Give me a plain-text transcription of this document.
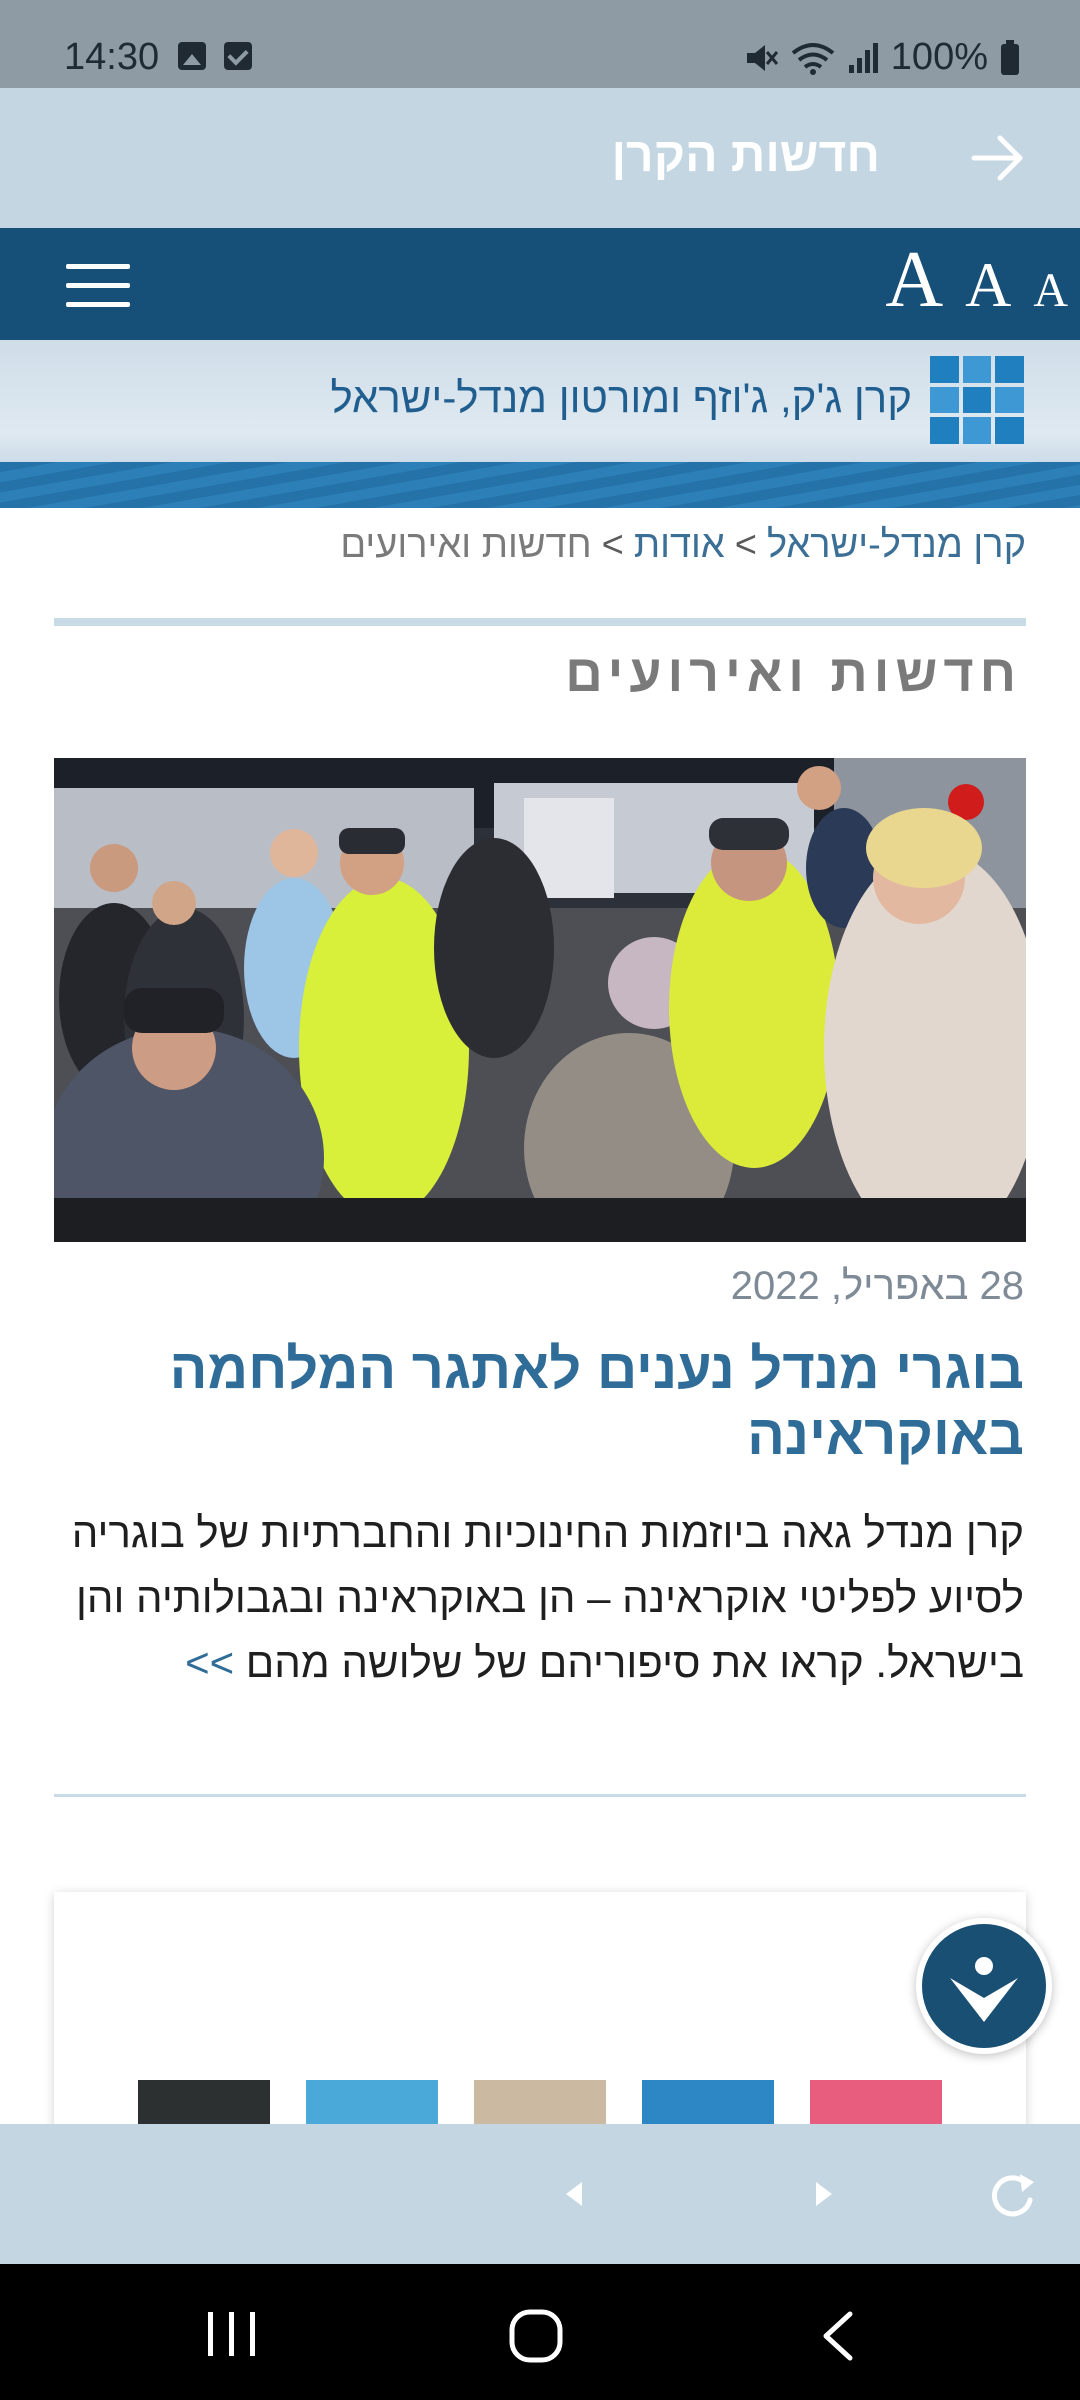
14:30	100%
חדשות הקרן
A A A
קרן ג'ק, ג'וזף ומורטון מנדל-ישראל
קרן מנדל-ישראל>אודות>חדשות ואירועים
חדשות ואירועים
28 באפריל, 2022
בוגרי מנדל נענים לאתגר המלחמה באוקראינה

קרן מנדל גאה ביוזמות החינוכיות והחברתיות של בוגריה לסיוע לפליטי אוקראינה – הן באוקראינה ובגבולותיה והן בישראל. קראו את סיפוריהם של שלושה מהם >>
